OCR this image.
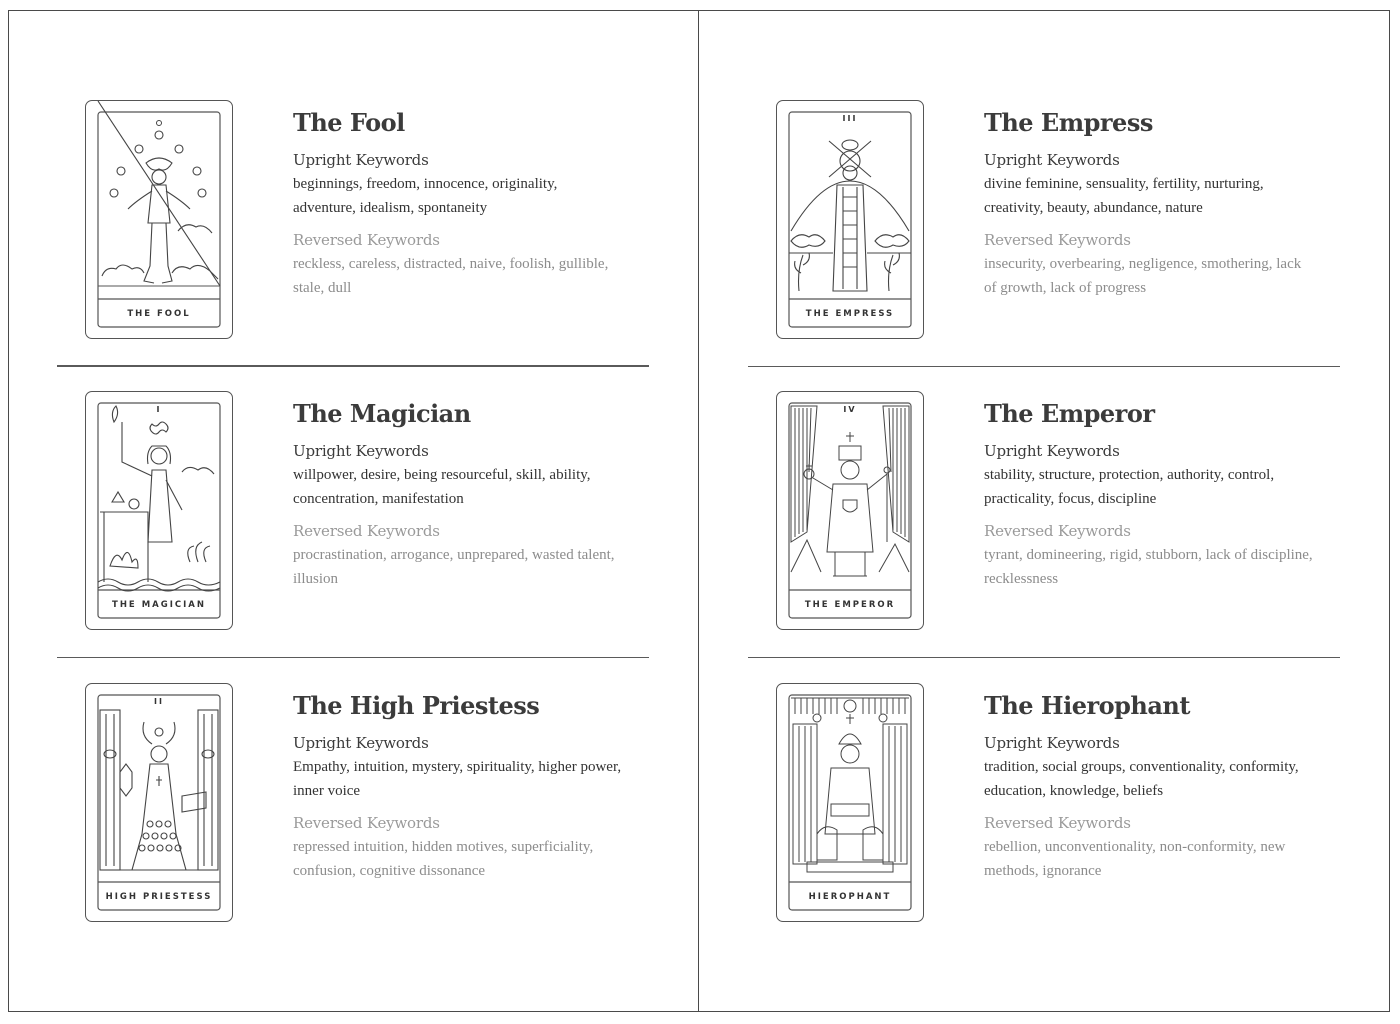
THE FOOL
The Fool
Upright Keywords
beginnings, freedom, innocence, originality, adventure, idealism, spontaneity
Reversed Keywords
reckless, careless, distracted, naive, foolish, gullible, stale, dull
I
THE MAGICIAN
The Magician
Upright Keywords
willpower, desire, being resourceful, skill, ability, concentration, manifestation
Reversed Keywords
procrastination, arrogance, unprepared, wasted talent, illusion
II
HIGH PRIESTESS
The High Priestess
Upright Keywords
Empathy, intuition, mystery, spirituality, higher power, inner voice
Reversed Keywords
repressed intuition, hidden motives, superficiality, confusion, cognitive dissonance
III
THE EMPRESS
The Empress
Upright Keywords
divine feminine, sensuality, fertility, nurturing, creativity, beauty, abundance, nature
Reversed Keywords
insecurity, overbearing, negligence, smothering, lack of growth, lack of progress
IV
THE EMPEROR
The Emperor
Upright Keywords
stability, structure, protection, authority, control, practicality, focus, discipline
Reversed Keywords
tyrant, domineering, rigid, stubborn, lack of discipline, recklessness
HIEROPHANT
The Hierophant
Upright Keywords
tradition, social groups, conventionality, conformity, education, knowledge, beliefs
Reversed Keywords
rebellion, unconventionality, non-conformity, new methods, ignorance
